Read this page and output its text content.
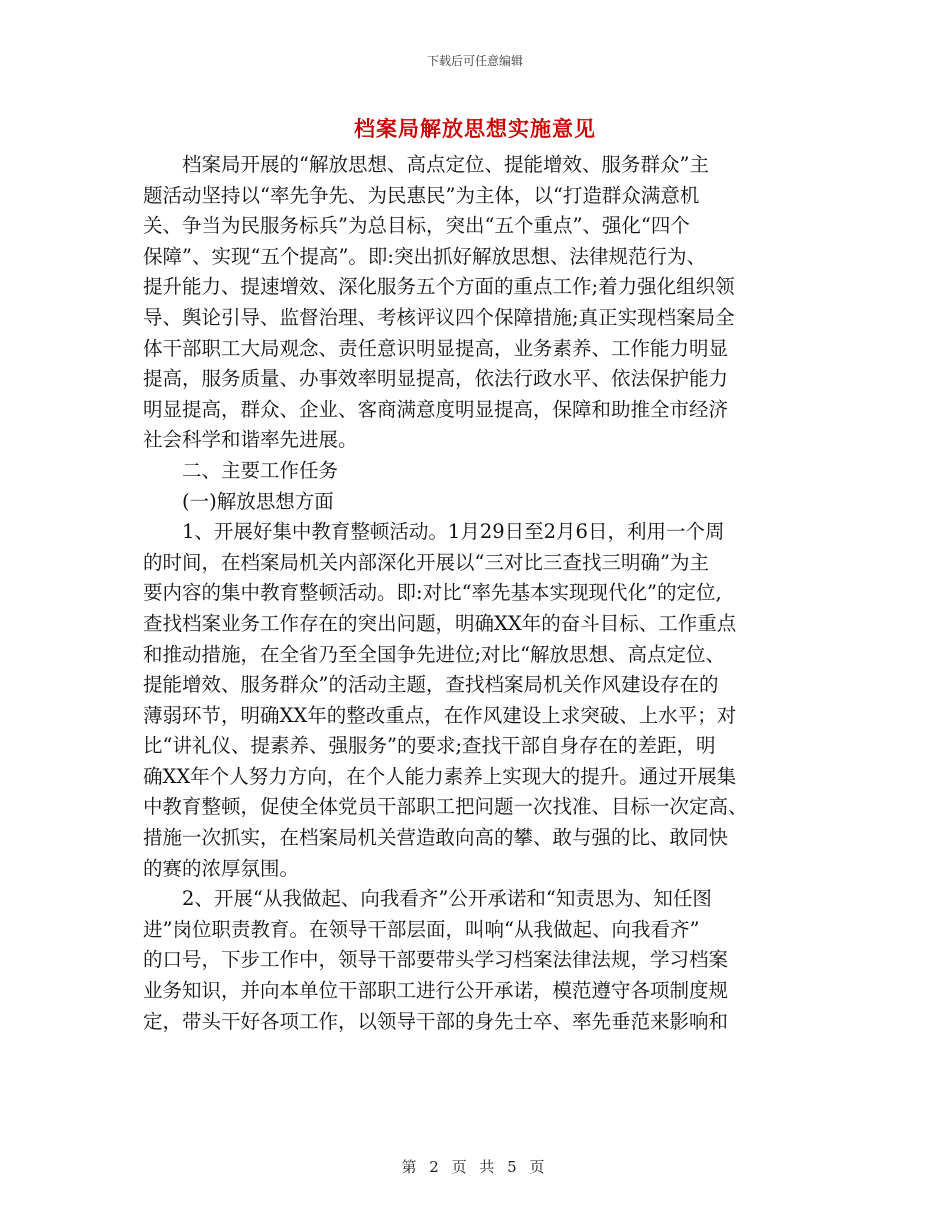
下载后可任意编辑
档案局解放思想实施意见
　　档案局开展的“解放思想、高点定位、提能增效、服务群众”主
题活动坚持以“率先争先、为民惠民”为主体，以“打造群众满意机
关、争当为民服务标兵”为总目标，突出“五个重点”、强化“四个
保障”、实现“五个提高”。即:突出抓好解放思想、法律规范行为、
提升能力、提速增效、深化服务五个方面的重点工作;着力强化组织领
导、舆论引导、监督治理、考核评议四个保障措施;真正实现档案局全
体干部职工大局观念、责任意识明显提高，业务素养、工作能力明显
提高，服务质量、办事效率明显提高，依法行政水平、依法保护能力
明显提高，群众、企业、客商满意度明显提高，保障和助推全市经济
社会科学和谐率先进展。
　　二、主要工作任务
　　(一)解放思想方面
　　1、开展好集中教育整顿活动。1月29日至2月6日，利用一个周
的时间，在档案局机关内部深化开展以“三对比三查找三明确”为主
要内容的集中教育整顿活动。即:对比“率先基本实现现代化”的定位,
查找档案业务工作存在的突出问题，明确XX年的奋斗目标、工作重点
和推动措施，在全省乃至全国争先进位;对比“解放思想、高点定位、
提能增效、服务群众”的活动主题，查找档案局机关作风建设存在的
薄弱环节，明确XX年的整改重点，在作风建设上求突破、上水平；对
比“讲礼仪、提素养、强服务”的要求;查找干部自身存在的差距，明
确XX年个人努力方向，在个人能力素养上实现大的提升。通过开展集
中教育整顿，促使全体党员干部职工把问题一次找准、目标一次定高、
措施一次抓实，在档案局机关营造敢向高的攀、敢与强的比、敢同快
的赛的浓厚氛围。
　　2、开展“从我做起、向我看齐”公开承诺和“知责思为、知任图
进”岗位职责教育。在领导干部层面，叫响“从我做起、向我看齐”
的口号，下步工作中，领导干部要带头学习档案法律法规，学习档案
业务知识，并向本单位干部职工进行公开承诺，模范遵守各项制度规
定，带头干好各项工作，以领导干部的身先士卒、率先垂范来影响和
第 2 页 共 5 页
